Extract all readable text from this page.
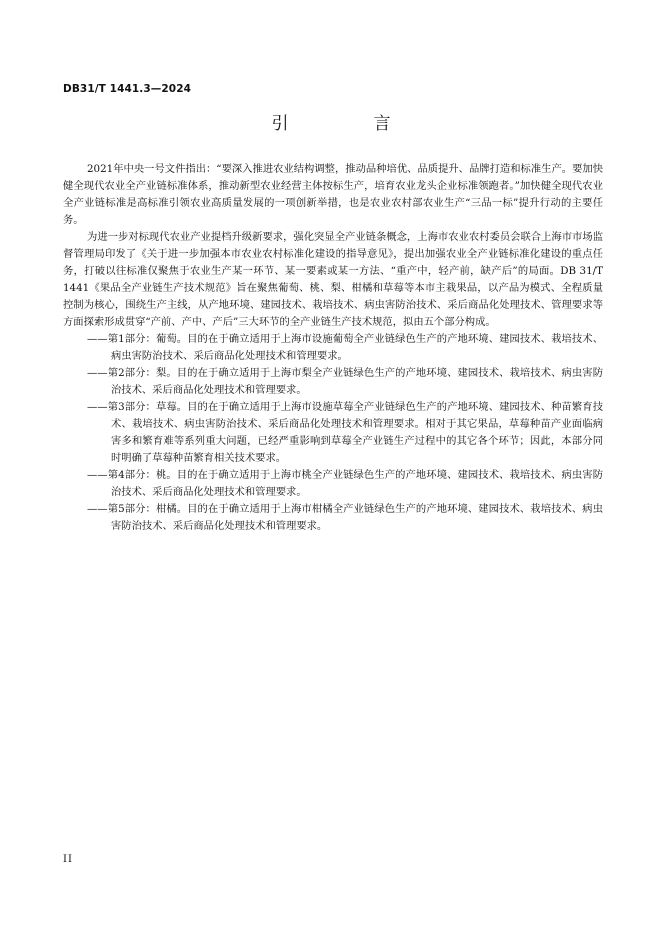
DB31/T 1441.3—2024
引　言

2021年中央一号文件指出：“要深入推进农业结构调整，推动品种培优、品质提升、品牌打造和标准生产。要加快健全现代农业全产业链标准体系，推动新型农业经营主体按标生产，培育农业龙头企业标准领跑者。”加快健全现代农业全产业链标准是高标准引领农业高质量发展的一项创新举措，也是农业农村部农业生产“三品一标”提升行动的主要任务。

为进一步对标现代农业产业提档升级新要求，强化突显全产业链条概念，上海市农业农村委员会联合上海市市场监督管理局印发了《关于进一步加强本市农业农村标准化建设的指导意见》，提出加强农业全产业链标准化建设的重点任务，打破以往标准仅聚焦于农业生产某一环节、某一要素或某一方法、“重产中，轻产前，缺产后”的局面。DB 31/T 1441《果品全产业链生产技术规范》旨在聚焦葡萄、桃、梨、柑橘和草莓等本市主栽果品，以产品为模式、全程质量控制为核心，围绕生产主线，从产地环境、建园技术、栽培技术、病虫害防治技术、采后商品化处理技术、管理要求等方面探索形成贯穿“产前、产中、产后”三大环节的全产业链生产技术规范，拟由五个部分构成。

——第1部分：葡萄。目的在于确立适用于上海市设施葡萄全产业链绿色生产的产地环境、建园技术、栽培技术、病虫害防治技术、采后商品化处理技术和管理要求。

——第2部分：梨。目的在于确立适用于上海市梨全产业链绿色生产的产地环境、建园技术、栽培技术、病虫害防治技术、采后商品化处理技术和管理要求。

——第3部分：草莓。目的在于确立适用于上海市设施草莓全产业链绿色生产的产地环境、建园技术、种苗繁育技术、栽培技术、病虫害防治技术、采后商品化处理技术和管理要求。相对于其它果品，草莓种苗产业面临病害多和繁育难等系列重大问题，已经严重影响到草莓全产业链生产过程中的其它各个环节；因此，本部分同时明确了草莓种苗繁育相关技术要求。

——第4部分：桃。目的在于确立适用于上海市桃全产业链绿色生产的产地环境、建园技术、栽培技术、病虫害防治技术、采后商品化处理技术和管理要求。

——第5部分：柑橘。目的在于确立适用于上海市柑橘全产业链绿色生产的产地环境、建园技术、栽培技术、病虫害防治技术、采后商品化处理技术和管理要求。

II
